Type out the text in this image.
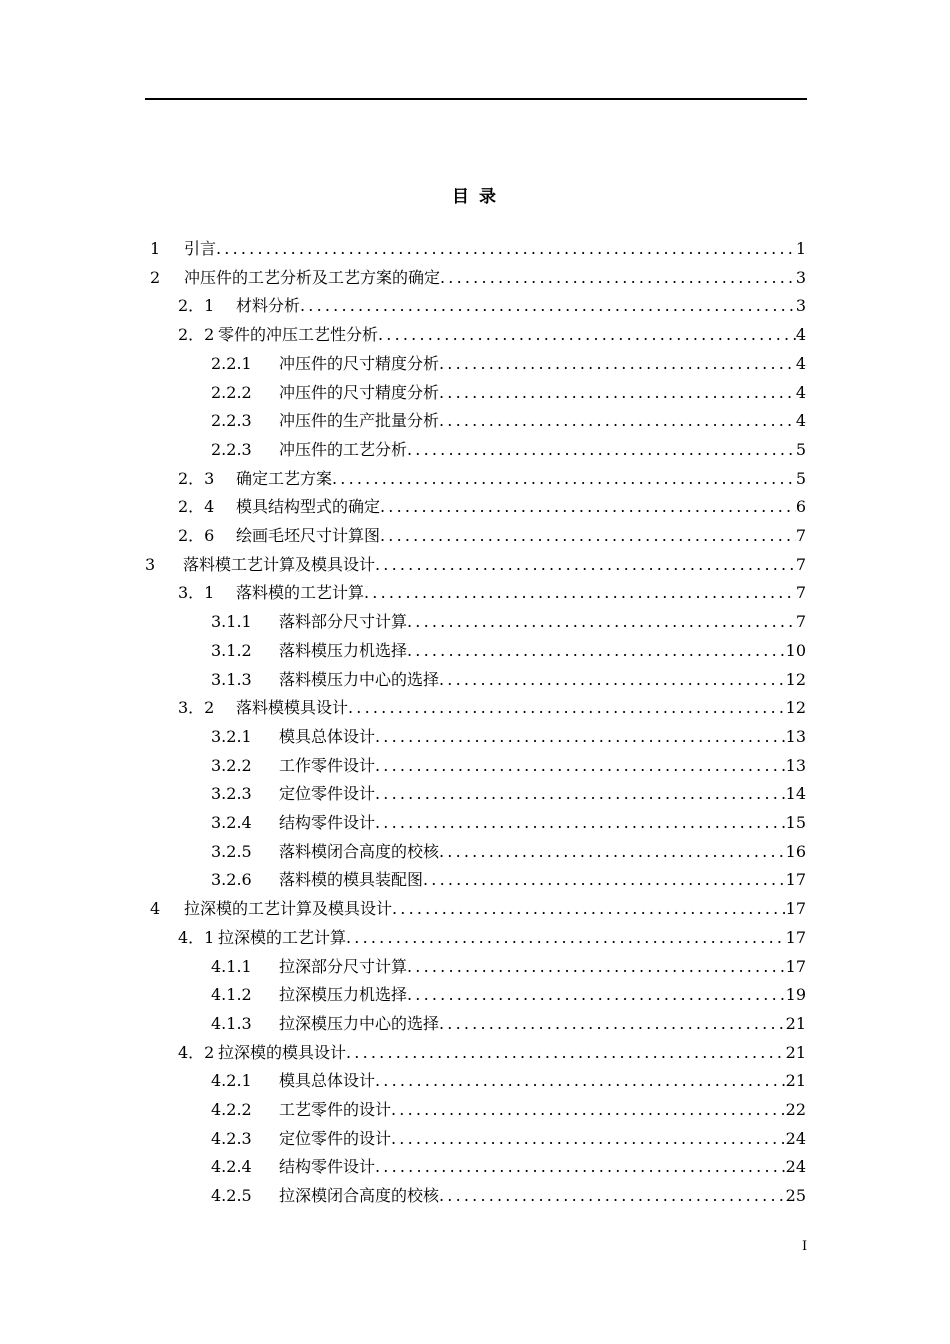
目 录
1	引言 .....	1
2	冲压件的工艺分析及工艺方案的确定 .....	3
2．1	材料分析 .....	3
2．2 零件的冲压工艺性分析 .....	4
2.2.1	冲压件的尺寸精度分析 .....	4
2.2.2	冲压件的尺寸精度分析 .....	4
2.2.3	冲压件的生产批量分析 .....	4
2.2.3	冲压件的工艺分析 .....	5
2．3	确定工艺方案 .....	5
2．4	模具结构型式的确定 .....	6
2．6	绘画毛坯尺寸计算图 .....	7
3	落料模工艺计算及模具设计 .....	7
3．1	落料模的工艺计算 .....	7
3.1.1	落料部分尺寸计算 .....	7
3.1.2	落料模压力机选择 .....	10
3.1.3	落料模压力中心的选择 .....	12
3．2	落料模模具设计 .....	12
3.2.1	模具总体设计 .....	13
3.2.2	工作零件设计 .....	13
3.2.3	定位零件设计 .....	14
3.2.4	结构零件设计 .....	15
3.2.5	落料模闭合高度的校核 .....	16
3.2.6	落料模的模具装配图 .....	17
4	拉深模的工艺计算及模具设计 .....	17
4．1 拉深模的工艺计算 .....	17
4.1.1	拉深部分尺寸计算 .....	17
4.1.2	拉深模压力机选择 .....	19
4.1.3	拉深模压力中心的选择 .....	21
4．2 拉深模的模具设计 .....	21
4.2.1	模具总体设计 .....	21
4.2.2	工艺零件的设计 .....	22
4.2.3	定位零件的设计 .....	24
4.2.4	结构零件设计 .....	24
4.2.5	拉深模闭合高度的校核 .....	25
I
